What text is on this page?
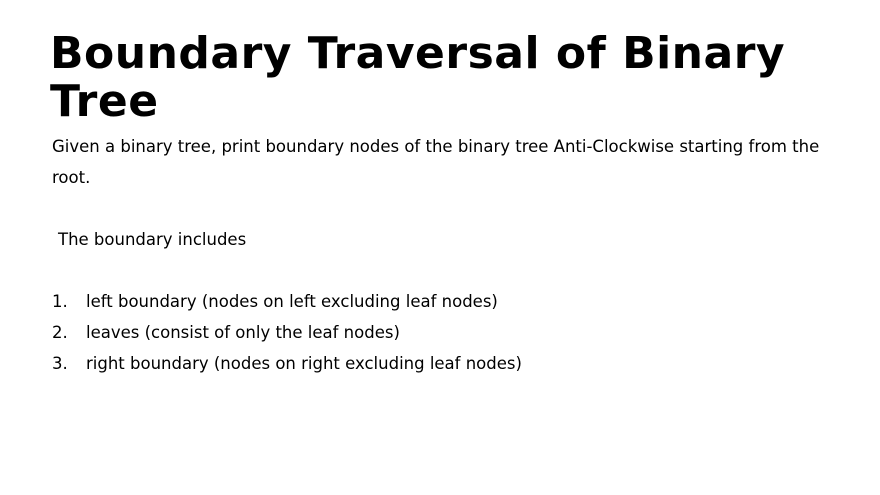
Boundary Traversal of Binary Tree

Given a binary tree, print boundary nodes of the binary tree Anti-Clockwise starting from the root.

The boundary includes

1.	left boundary (nodes on left excluding leaf nodes)
2.	leaves (consist of only the leaf nodes)
3.	right boundary (nodes on right excluding leaf nodes)
